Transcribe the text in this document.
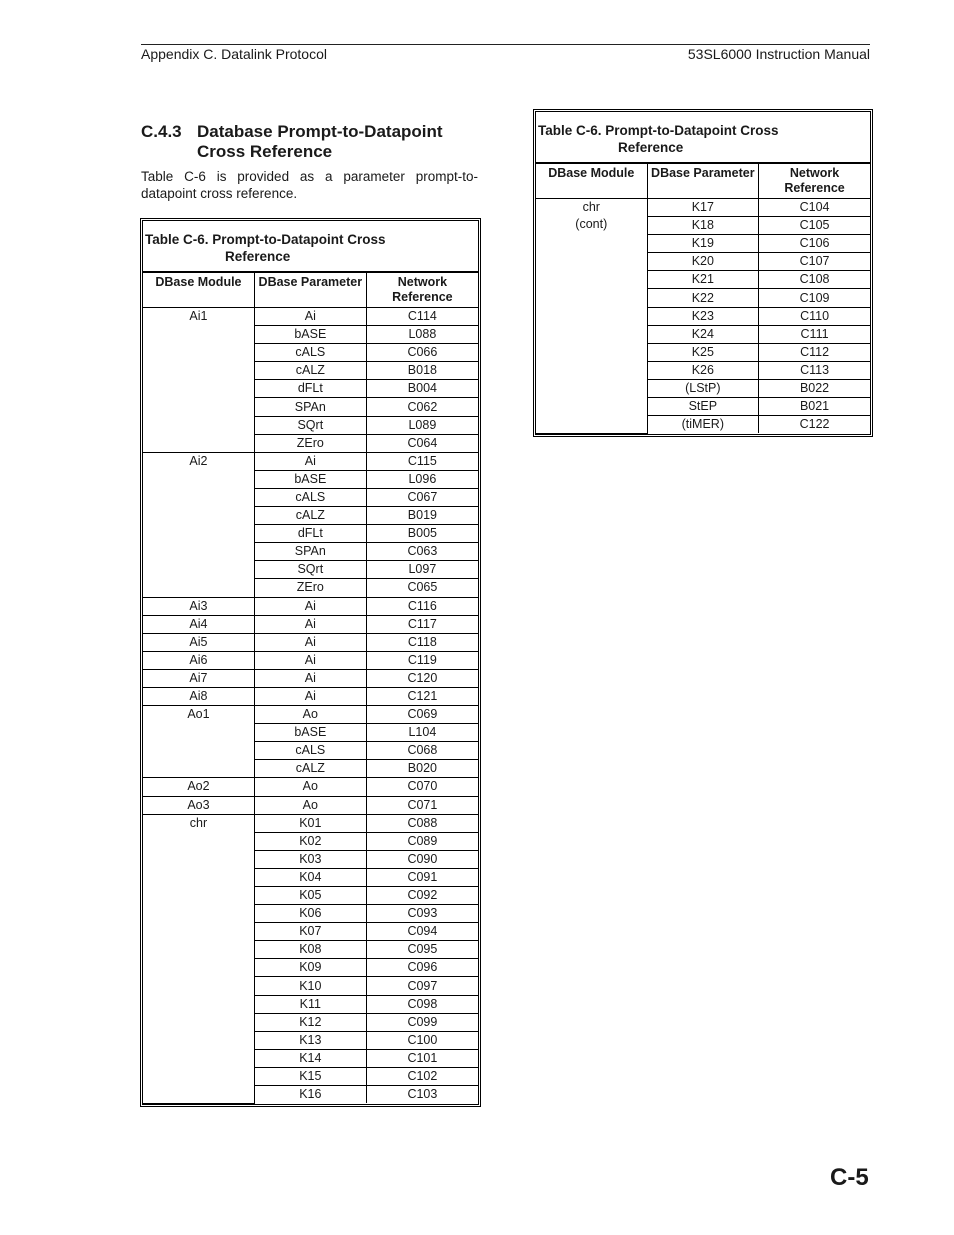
Appendix C. Datalink Protocol	53SL6000 Instruction Manual
C.4.3 Database Prompt-to-Datapoint
Cross Reference
Table C-6 is provided as a parameter prompt-to-datapoint cross reference.
Table C-6. Prompt-to-Datapoint Cross
Reference
DBase Module	DBase Parameter	Network Reference
Ai1	Ai	C114
	bASE	L088
	cALS	C066
	cALZ	B018
	dFLt	B004
	SPAn	C062
	SQrt	L089
	ZEro	C064
Ai2	Ai	C115
	bASE	L096
	cALS	C067
	cALZ	B019
	dFLt	B005
	SPAn	C063
	SQrt	L097
	ZEro	C065
Ai3	Ai	C116
Ai4	Ai	C117
Ai5	Ai	C118
Ai6	Ai	C119
Ai7	Ai	C120
Ai8	Ai	C121
Ao1	Ao	C069
	bASE	L104
	cALS	C068
	cALZ	B020
Ao2	Ao	C070
Ao3	Ao	C071
chr	K01	C088
	K02	C089
	K03	C090
	K04	C091
	K05	C092
	K06	C093
	K07	C094
	K08	C095
	K09	C096
	K10	C097
	K11	C098
	K12	C099
	K13	C100
	K14	C101
	K15	C102
	K16	C103
Table C-6. Prompt-to-Datapoint Cross
Reference
DBase Module	DBase Parameter	Network Reference
chr
(cont)	K17	C104
	K18	C105
	K19	C106
	K20	C107
	K21	C108
	K22	C109
	K23	C110
	K24	C111
	K25	C112
	K26	C113
	(LStP)	B022
	StEP	B021
	(tiMER)	C122
C-5
